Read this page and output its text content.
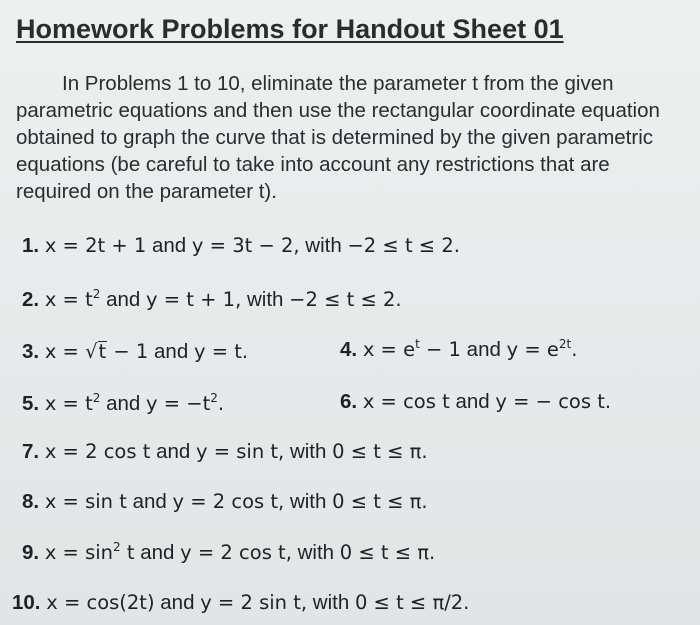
Homework Problems for Handout Sheet 01
In Problems 1 to 10, eliminate the parameter t from the given
parametric equations and then use the rectangular coordinate equation
obtained to graph the curve that is determined by the given parametric
equations (be careful to take into account any restrictions that are
required on the parameter t).
1. x = 2t + 1 and y = 3t − 2, with −2 ≤ t ≤ 2.
2. $x = t^2$ and y = t + 1, with −2 ≤ t ≤ 2.
3. x = √t − 1 and y = t.	4. $x = e^t - 1$ and $y = e^{2t}$.
5. $x = t^2$ and $y = -t^2$.	6. x = cos t and y = − cos t.
7. x = 2 cos t and y = sin t, with 0 ≤ t ≤ π.
8. x = sin t and y = 2 cos t, with 0 ≤ t ≤ π.
9. $x = \sin^2 t$ and y = 2 cos t, with 0 ≤ t ≤ π.
10. x = cos(2t) and y = 2 sin t, with 0 ≤ t ≤ π/2.
